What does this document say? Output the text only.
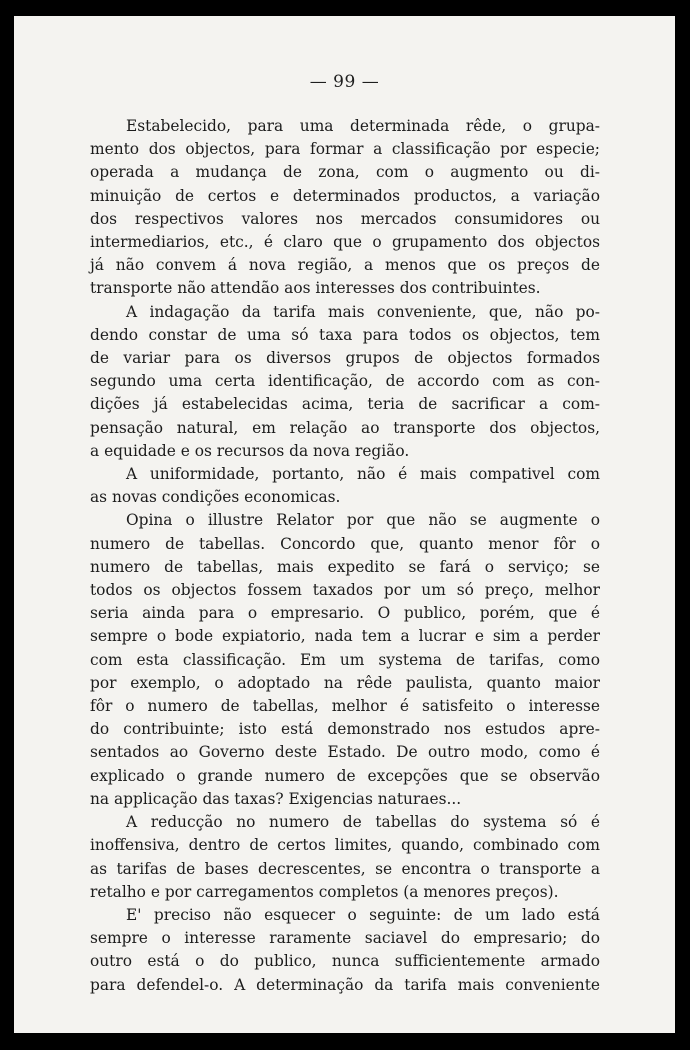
— 99 —
Estabelecido, para uma determinada rêde, o grupa-
mento dos objectos, para formar a classificação por especie;
operada a mudança de zona, com o augmento ou di-
minuição de certos e determinados productos, a variação
dos respectivos valores nos mercados consumidores ou
intermediarios, etc., é claro que o grupamento dos objectos
já não convem á nova região, a menos que os preços de
transporte não attendão aos interesses dos contribuintes.
A indagação da tarifa mais conveniente, que, não po-
dendo constar de uma só taxa para todos os objectos, tem
de variar para os diversos grupos de objectos formados
segundo uma certa identificação, de accordo com as con-
dições já estabelecidas acima, teria de sacrificar a com-
pensação natural, em relação ao transporte dos objectos,
a equidade e os recursos da nova região.
A uniformidade, portanto, não é mais compativel com
as novas condições economicas.
Opina o illustre Relator por que não se augmente o
numero de tabellas. Concordo que, quanto menor fôr o
numero de tabellas, mais expedito se fará o serviço; se
todos os objectos fossem taxados por um só preço, melhor
seria ainda para o empresario. O publico, porém, que é
sempre o bode expiatorio, nada tem a lucrar e sim a perder
com esta classificação. Em um systema de tarifas, como
por exemplo, o adoptado na rêde paulista, quanto maior
fôr o numero de tabellas, melhor é satisfeito o interesse
do contribuinte; isto está demonstrado nos estudos apre-
sentados ao Governo deste Estado. De outro modo, como é
explicado o grande numero de excepções que se observão
na applicação das taxas? Exigencias naturaes...
A reducção no numero de tabellas do systema só é
inoffensiva, dentro de certos limites, quando, combinado com
as tarifas de bases decrescentes, se encontra o transporte a
retalho e por carregamentos completos (a menores preços).
E' preciso não esquecer o seguinte: de um lado está
sempre o interesse raramente saciavel do empresario; do
outro está o do publico, nunca sufficientemente armado
para defendel-o. A determinação da tarifa mais conveniente
